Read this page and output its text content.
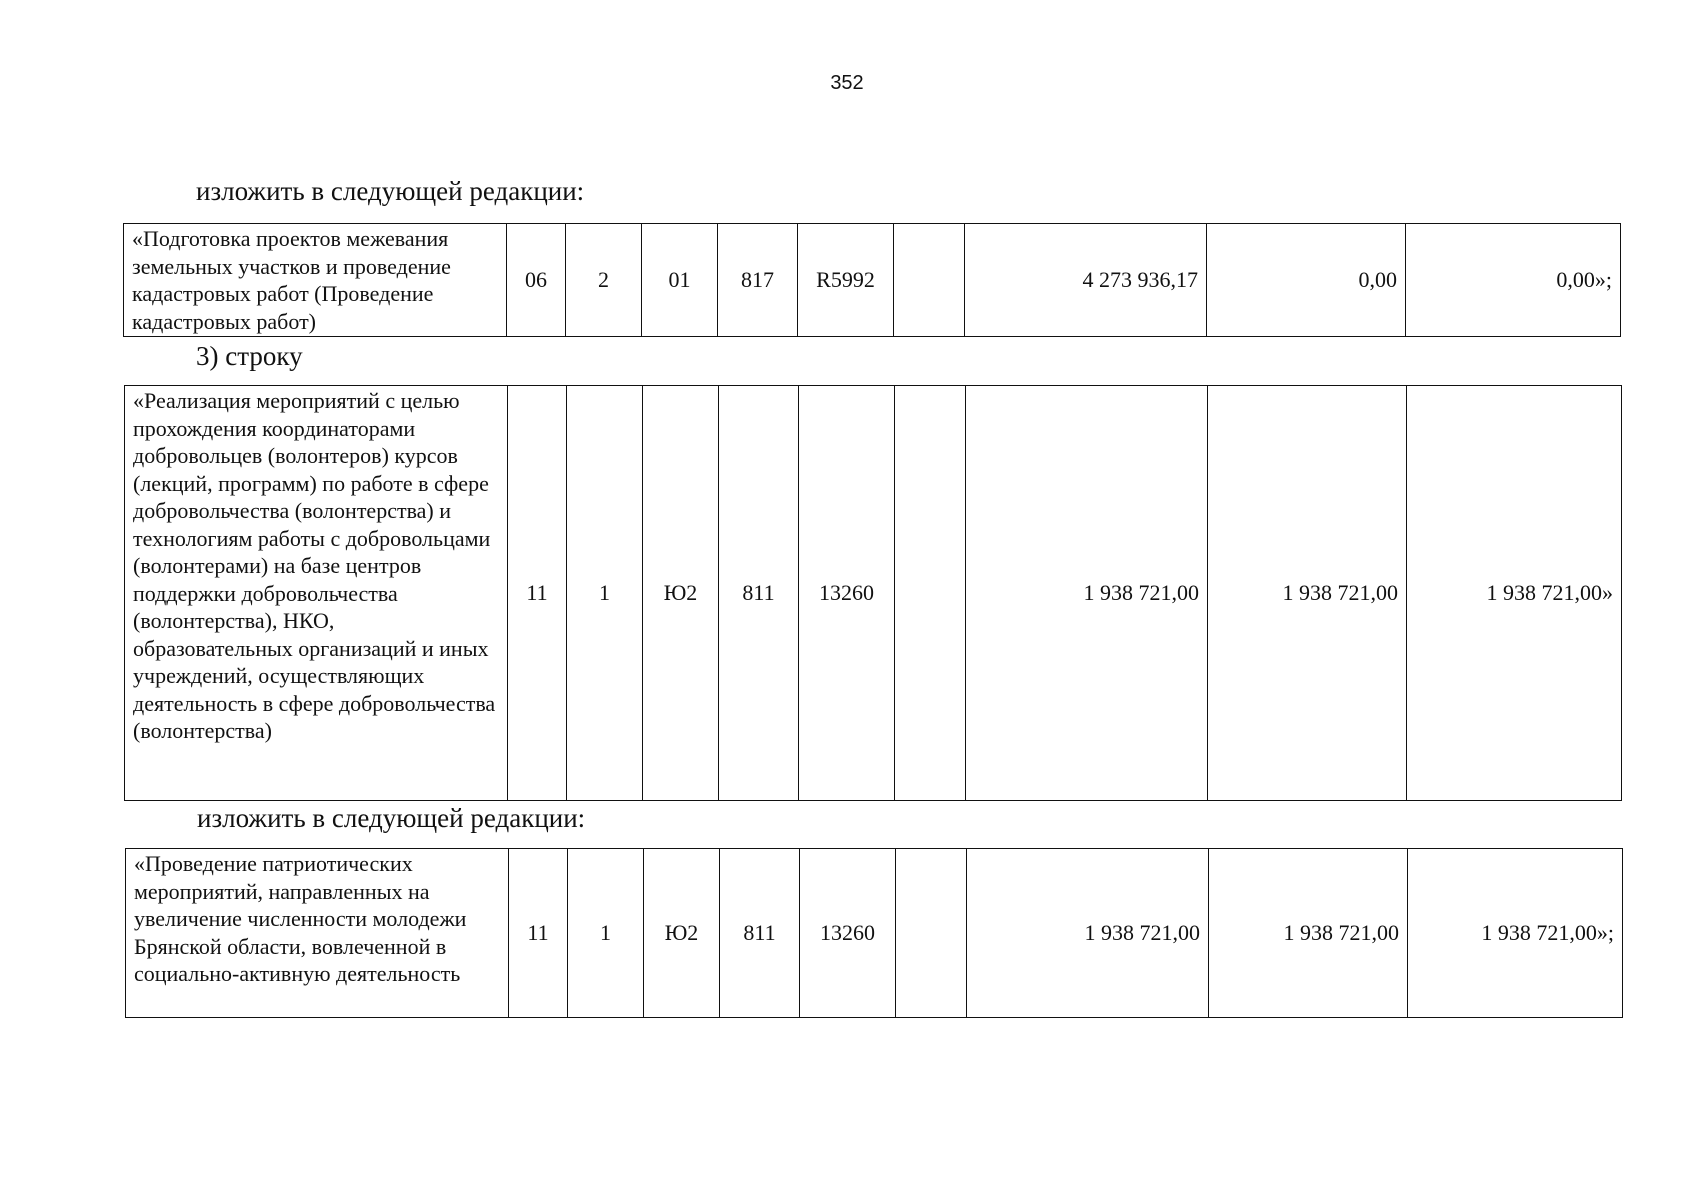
352
изложить в следующей редакции:
«Подготовка проектов межевания земельных участков и проведение кадастровых работ (Проведение кадастровых работ)	06	2	01	817	R5992		4 273 936,17	0,00	0,00»;
3) строку
«Реализация мероприятий с целью прохождения координаторами добровольцев (волонтеров) курсов (лекций, программ) по работе в сфере добровольчества (волонтерства) и технологиям работы с добровольцами (волонтерами) на базе центров поддержки добровольчества (волонтерства), НКО, образовательных организаций и иных учреждений, осуществляющих деятельность в сфере добровольчества (волонтерства)	11	1	Ю2	811	13260		1 938 721,00	1 938 721,00	1 938 721,00»
изложить в следующей редакции:
«Проведение патриотических мероприятий, направленных на увеличение численности молодежи Брянской области, вовлеченной в социально-активную деятельность	11	1	Ю2	811	13260		1 938 721,00	1 938 721,00	1 938 721,00»;
